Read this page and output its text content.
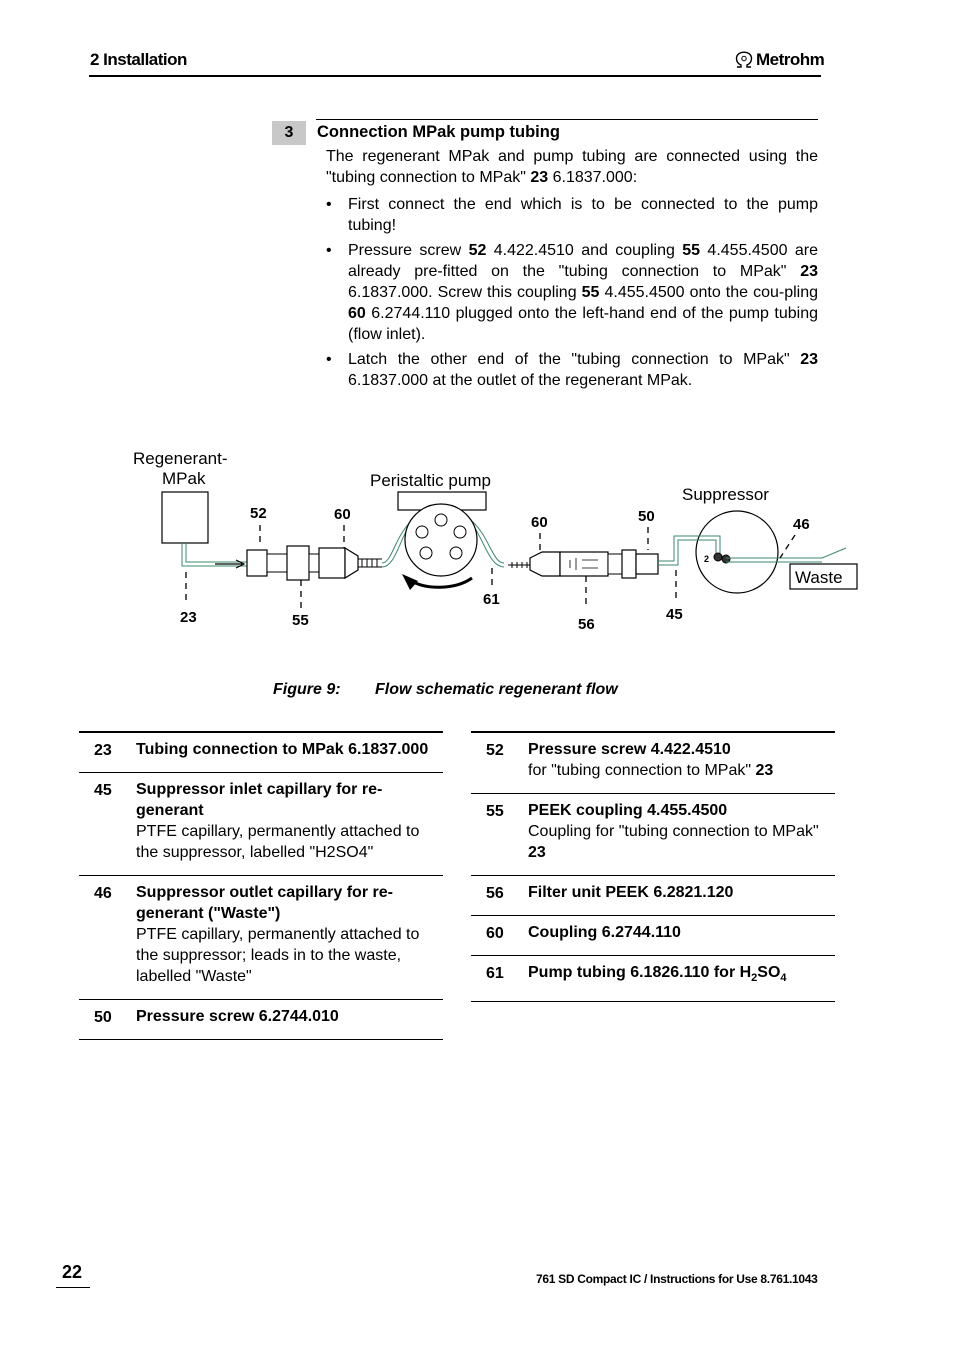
2 Installation	Metrohm
3	Connection MPak pump tubing
The regenerant MPak and pump tubing are connected using the "tubing connection to MPak" 23 6.1837.000:
• First connect the end which is to be connected to the pump tubing!
• Pressure screw 52 4.422.4510 and coupling 55 4.455.4500 are already pre-fitted on the "tubing connection to MPak" 23 6.1837.000. Screw this coupling 55 4.455.4500 onto the cou-pling 60 6.2744.110 plugged onto the left-hand end of the pump tubing (flow inlet).
• Latch the other end of the "tubing connection to MPak" 23 6.1837.000 at the outlet of the regenerant MPak.
Regenerant-
MPak	Peristaltic pump
Suppressor
2
Waste
52	60	60	50	46
23	55
61
56
45
Figure 9: Flow schematic regenerant flow
23	Tubing connection to MPak 6.1837.000
45	Suppressor inlet capillary for re-generant
PTFE capillary, permanently attached to the suppressor, labelled "H2SO4"
46	Suppressor outlet capillary for re-generant ("Waste")
PTFE capillary, permanently attached to the suppressor; leads in to the waste, labelled "Waste"
50	Pressure screw 6.2744.010
52	Pressure screw 4.422.4510
for "tubing connection to MPak" 23
55	PEEK coupling 4.455.4500
Coupling for "tubing connection to MPak" 23
56	Filter unit PEEK 6.2821.120
60	Coupling 6.2744.110
61	Pump tubing 6.1826.110 for $H_2SO_4$
22	761 SD Compact IC / Instructions for Use 8.761.1043
